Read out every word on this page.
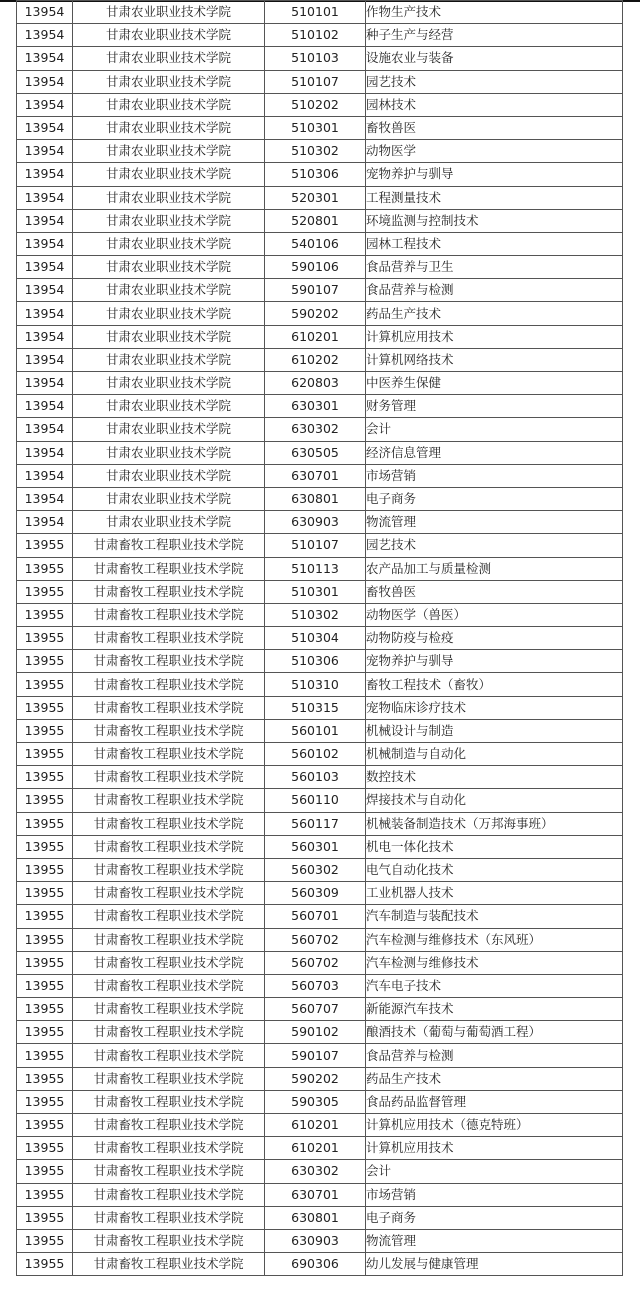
13954	甘肃农业职业技术学院	510101	作物生产技术
13954	甘肃农业职业技术学院	510102	种子生产与经营
13954	甘肃农业职业技术学院	510103	设施农业与装备
13954	甘肃农业职业技术学院	510107	园艺技术
13954	甘肃农业职业技术学院	510202	园林技术
13954	甘肃农业职业技术学院	510301	畜牧兽医
13954	甘肃农业职业技术学院	510302	动物医学
13954	甘肃农业职业技术学院	510306	宠物养护与驯导
13954	甘肃农业职业技术学院	520301	工程测量技术
13954	甘肃农业职业技术学院	520801	环境监测与控制技术
13954	甘肃农业职业技术学院	540106	园林工程技术
13954	甘肃农业职业技术学院	590106	食品营养与卫生
13954	甘肃农业职业技术学院	590107	食品营养与检测
13954	甘肃农业职业技术学院	590202	药品生产技术
13954	甘肃农业职业技术学院	610201	计算机应用技术
13954	甘肃农业职业技术学院	610202	计算机网络技术
13954	甘肃农业职业技术学院	620803	中医养生保健
13954	甘肃农业职业技术学院	630301	财务管理
13954	甘肃农业职业技术学院	630302	会计
13954	甘肃农业职业技术学院	630505	经济信息管理
13954	甘肃农业职业技术学院	630701	市场营销
13954	甘肃农业职业技术学院	630801	电子商务
13954	甘肃农业职业技术学院	630903	物流管理
13955	甘肃畜牧工程职业技术学院	510107	园艺技术
13955	甘肃畜牧工程职业技术学院	510113	农产品加工与质量检测
13955	甘肃畜牧工程职业技术学院	510301	畜牧兽医
13955	甘肃畜牧工程职业技术学院	510302	动物医学（兽医）
13955	甘肃畜牧工程职业技术学院	510304	动物防疫与检疫
13955	甘肃畜牧工程职业技术学院	510306	宠物养护与驯导
13955	甘肃畜牧工程职业技术学院	510310	畜牧工程技术（畜牧）
13955	甘肃畜牧工程职业技术学院	510315	宠物临床诊疗技术
13955	甘肃畜牧工程职业技术学院	560101	机械设计与制造
13955	甘肃畜牧工程职业技术学院	560102	机械制造与自动化
13955	甘肃畜牧工程职业技术学院	560103	数控技术
13955	甘肃畜牧工程职业技术学院	560110	焊接技术与自动化
13955	甘肃畜牧工程职业技术学院	560117	机械装备制造技术（万邦海事班）
13955	甘肃畜牧工程职业技术学院	560301	机电一体化技术
13955	甘肃畜牧工程职业技术学院	560302	电气自动化技术
13955	甘肃畜牧工程职业技术学院	560309	工业机器人技术
13955	甘肃畜牧工程职业技术学院	560701	汽车制造与装配技术
13955	甘肃畜牧工程职业技术学院	560702	汽车检测与维修技术（东风班）
13955	甘肃畜牧工程职业技术学院	560702	汽车检测与维修技术
13955	甘肃畜牧工程职业技术学院	560703	汽车电子技术
13955	甘肃畜牧工程职业技术学院	560707	新能源汽车技术
13955	甘肃畜牧工程职业技术学院	590102	酿酒技术（葡萄与葡萄酒工程）
13955	甘肃畜牧工程职业技术学院	590107	食品营养与检测
13955	甘肃畜牧工程职业技术学院	590202	药品生产技术
13955	甘肃畜牧工程职业技术学院	590305	食品药品监督管理
13955	甘肃畜牧工程职业技术学院	610201	计算机应用技术（德克特班）
13955	甘肃畜牧工程职业技术学院	610201	计算机应用技术
13955	甘肃畜牧工程职业技术学院	630302	会计
13955	甘肃畜牧工程职业技术学院	630701	市场营销
13955	甘肃畜牧工程职业技术学院	630801	电子商务
13955	甘肃畜牧工程职业技术学院	630903	物流管理
13955	甘肃畜牧工程职业技术学院	690306	幼儿发展与健康管理
